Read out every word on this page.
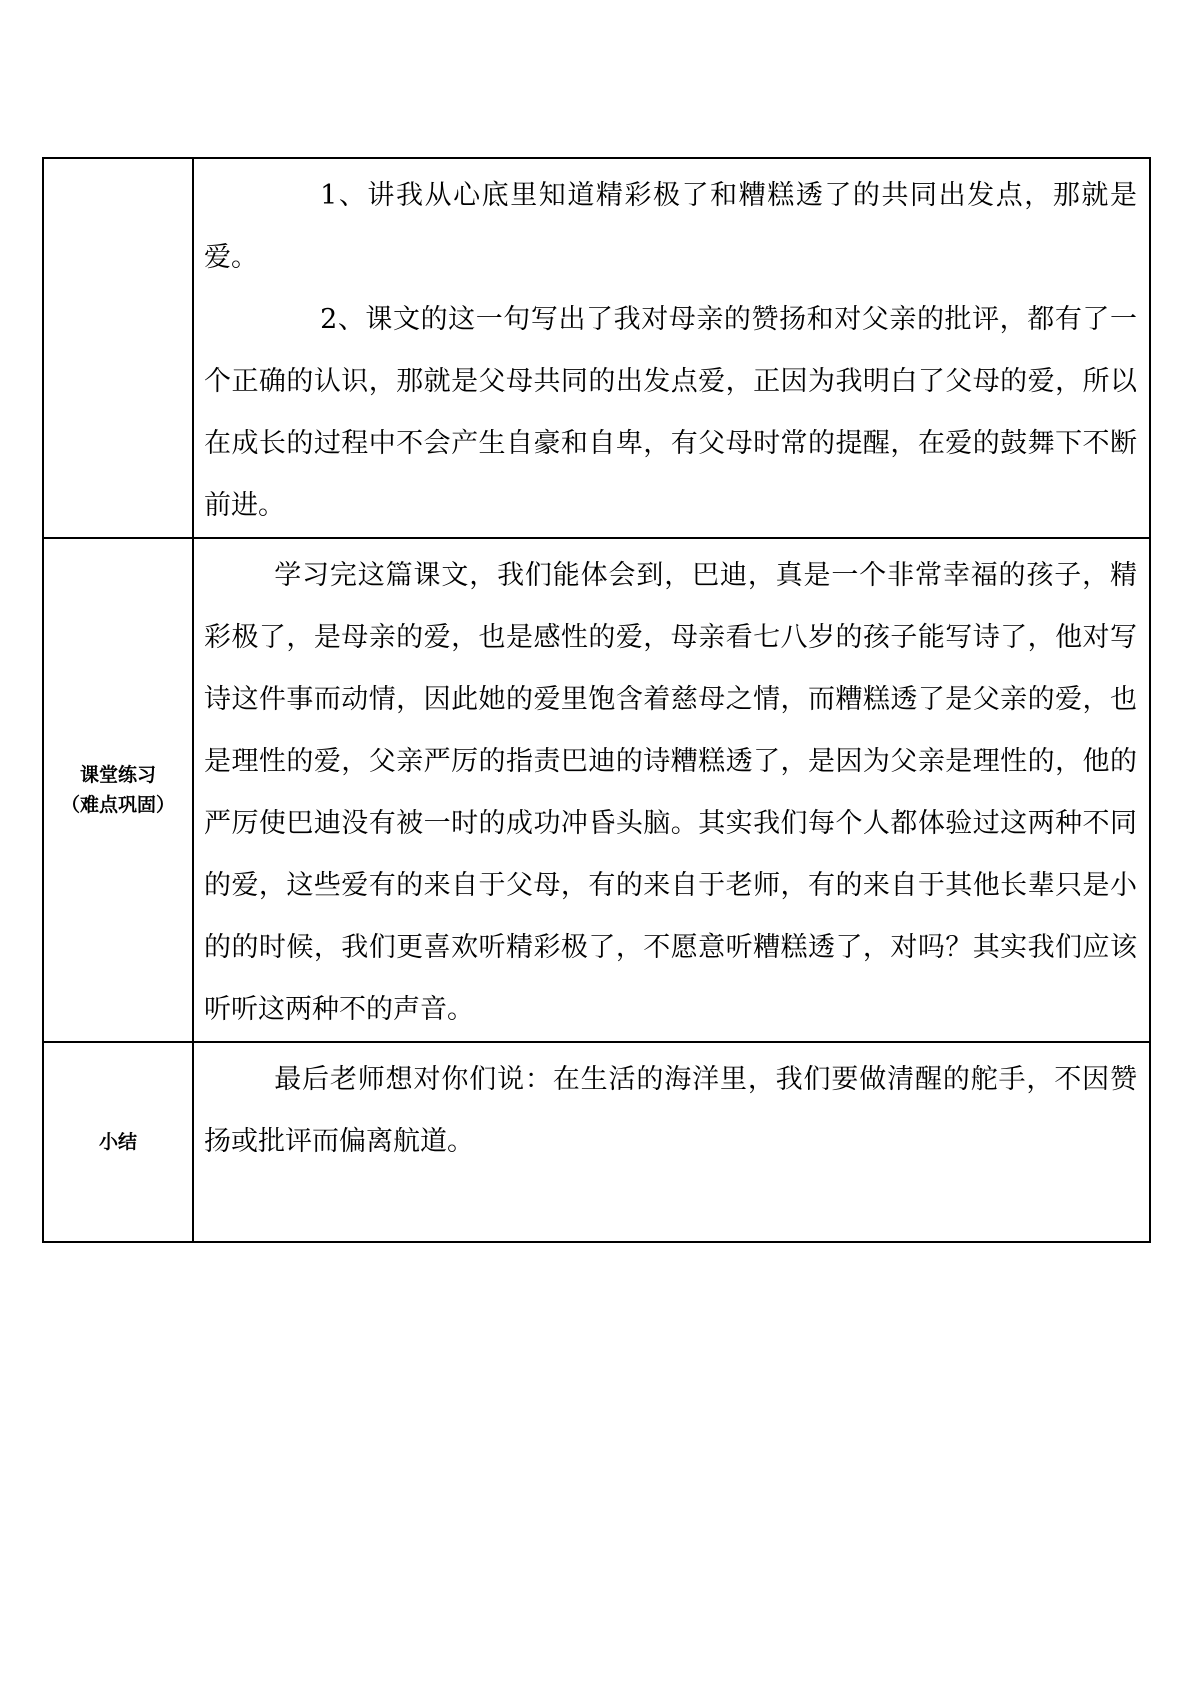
	1、讲我从心底里知道精彩极了和糟糕透了的共同出发点，那就是爱。

2、课文的这一句写出了我对母亲的赞扬和对父亲的批评，都有了一个正确的认识，那就是父母共同的出发点爱，正因为我明白了父母的爱，所以在成长的过程中不会产生自豪和自卑，有父母时常的提醒，在爱的鼓舞下不断前进。

课堂练习
（难点巩固）	学习完这篇课文，我们能体会到，巴迪，真是一个非常幸福的孩子，精彩极了，是母亲的爱，也是感性的爱，母亲看七八岁的孩子能写诗了，他对写诗这件事而动情，因此她的爱里饱含着慈母之情，而糟糕透了是父亲的爱，也是理性的爱，父亲严厉的指责巴迪的诗糟糕透了，是因为父亲是理性的，他的严厉使巴迪没有被一时的成功冲昏头脑。其实我们每个人都体验过这两种不同的爱，这些爱有的来自于父母，有的来自于老师，有的来自于其他长辈只是小的的时候，我们更喜欢听精彩极了，不愿意听糟糕透了，对吗？其实我们应该听听这两种不的声音。

小结	最后老师想对你们说：在生活的海洋里，我们要做清醒的舵手，不因赞扬或批评而偏离航道。
